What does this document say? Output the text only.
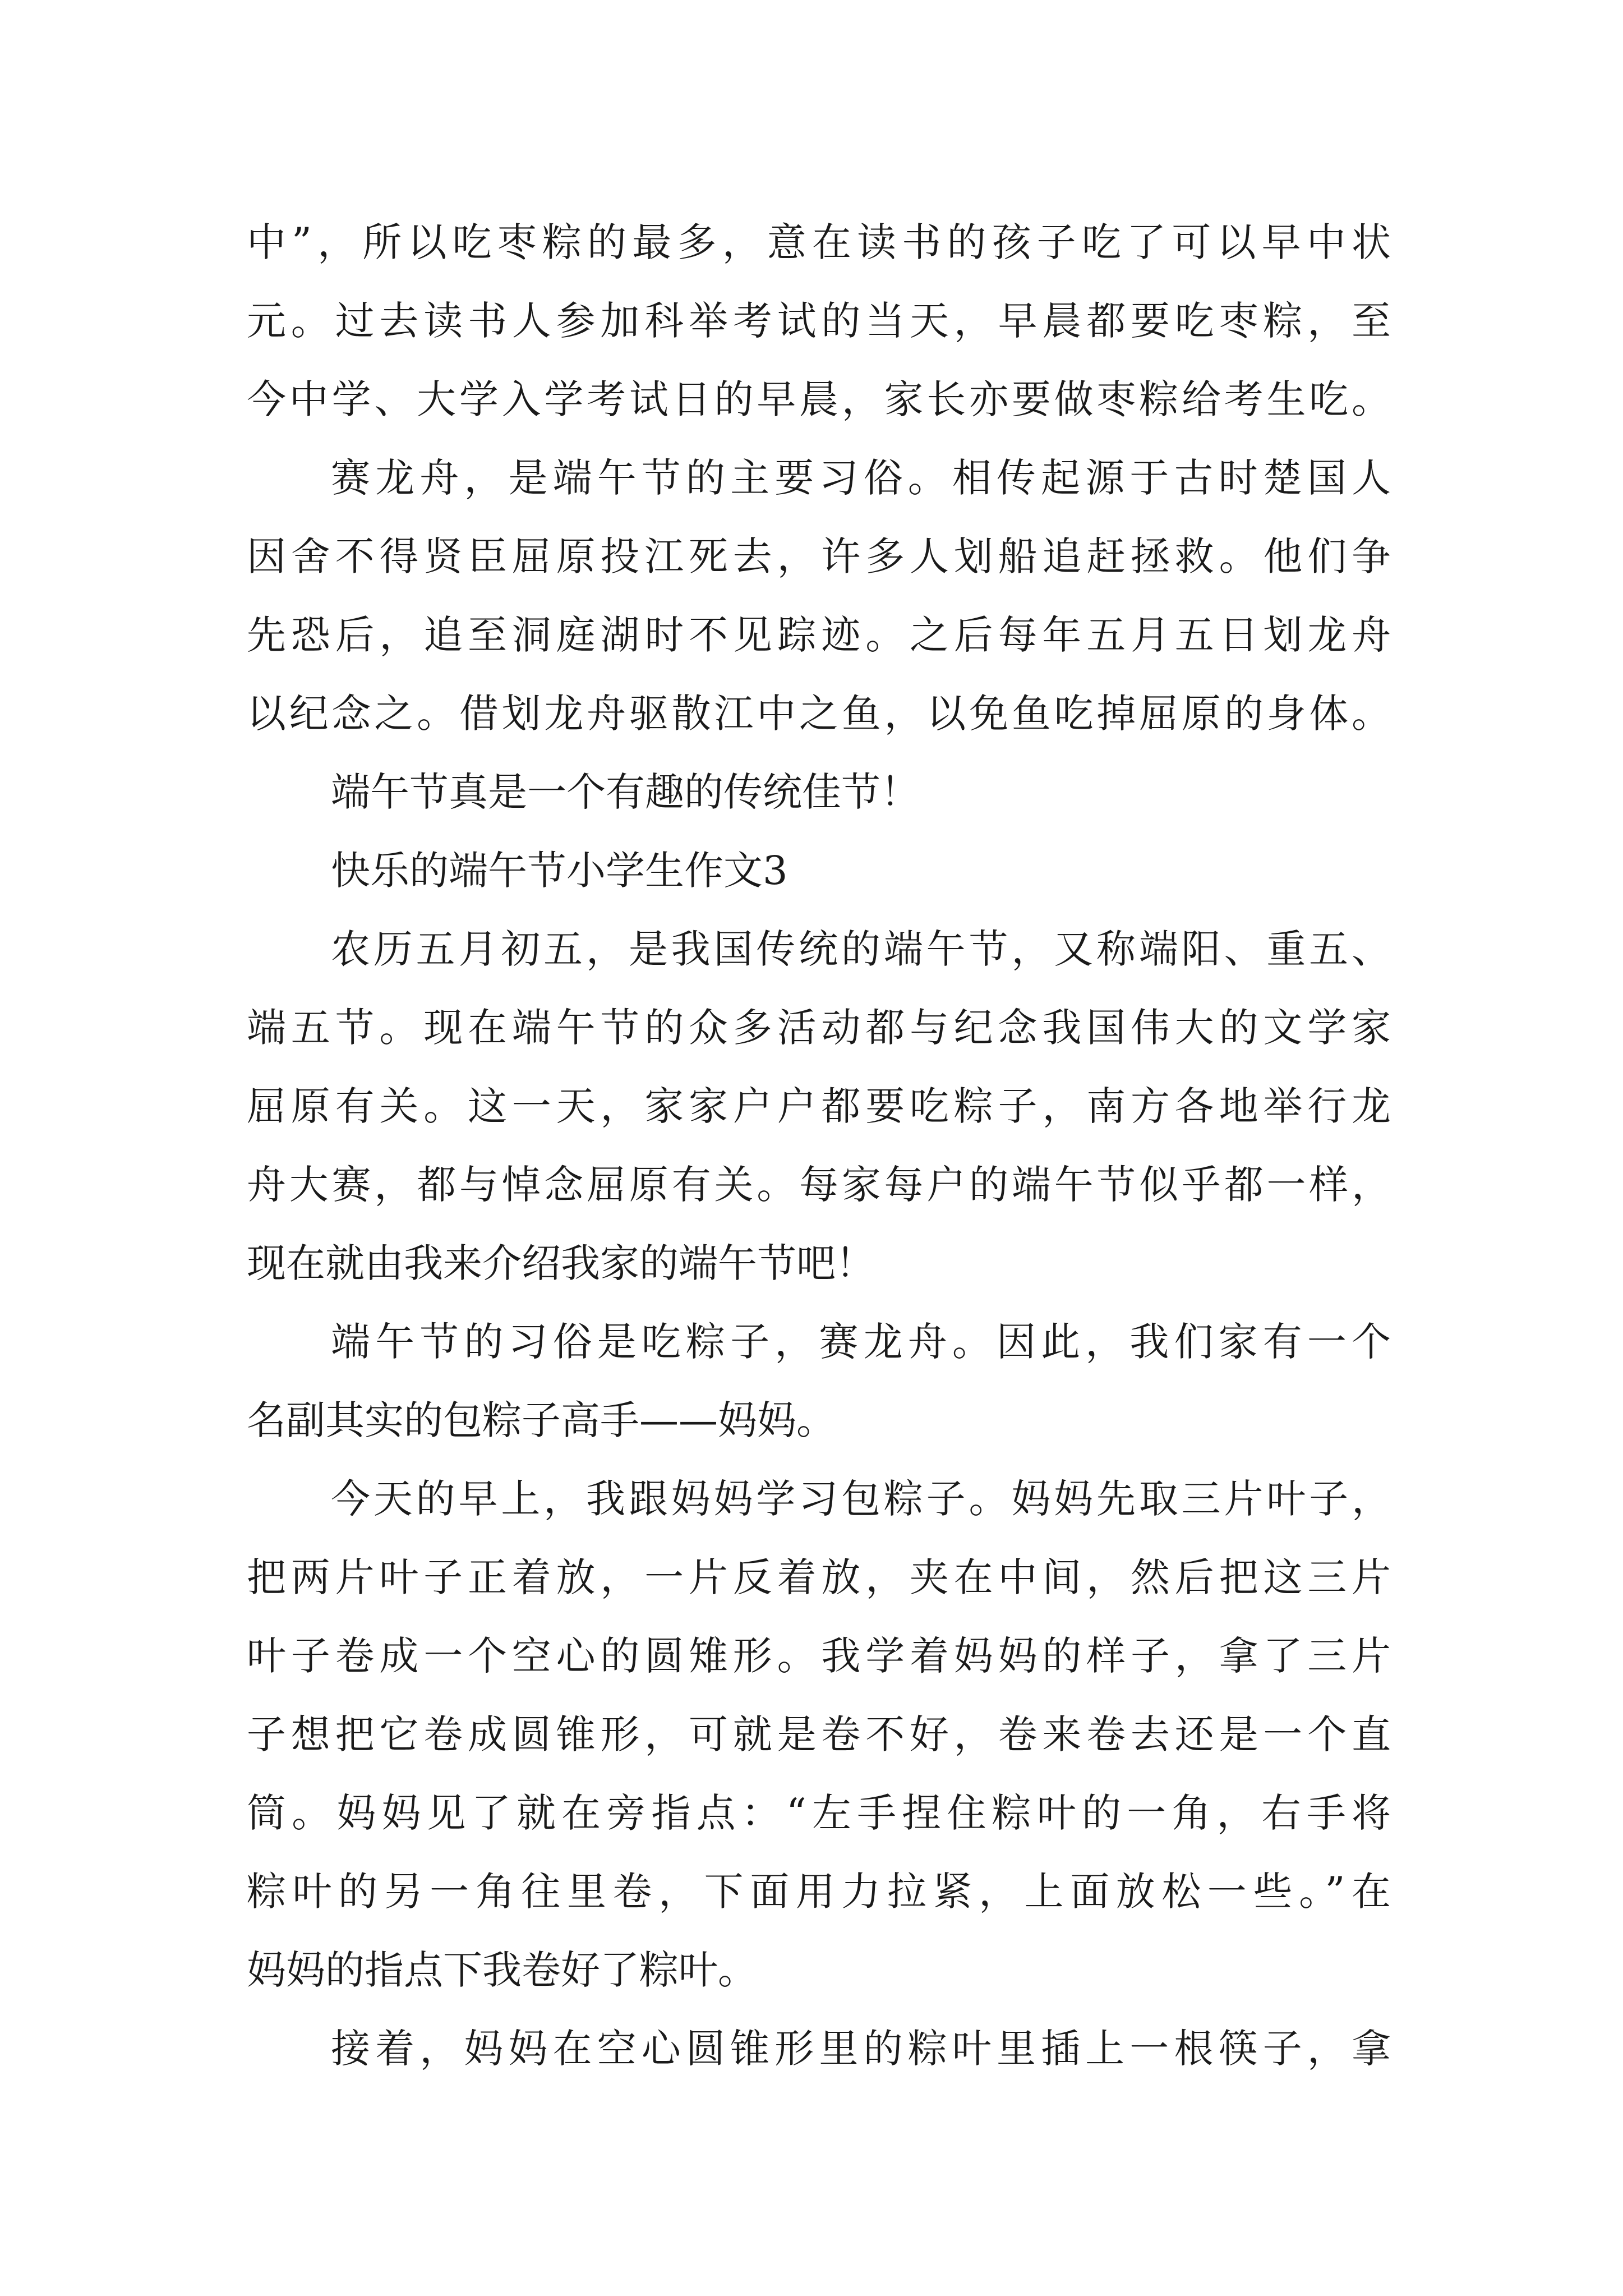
中”，所以吃枣粽的最多，意在读书的孩子吃了可以早中状
元。过去读书人参加科举考试的当天，早晨都要吃枣粽，至
今中学、大学入学考试日的早晨，家长亦要做枣粽给考生吃。
赛龙舟，是端午节的主要习俗。相传起源于古时楚国人
因舍不得贤臣屈原投江死去，许多人划船追赶拯救。他们争
先恐后，追至洞庭湖时不见踪迹。之后每年五月五日划龙舟
以纪念之。借划龙舟驱散江中之鱼，以免鱼吃掉屈原的身体。
端午节真是一个有趣的传统佳节！
快乐的端午节小学生作文3
农历五月初五，是我国传统的端午节，又称端阳、重五、
端五节。现在端午节的众多活动都与纪念我国伟大的文学家
屈原有关。这一天，家家户户都要吃粽子，南方各地举行龙
舟大赛，都与悼念屈原有关。每家每户的端午节似乎都一样，
现在就由我来介绍我家的端午节吧！
端午节的习俗是吃粽子，赛龙舟。因此，我们家有一个
名副其实的包粽子高手——妈妈。
今天的早上，我跟妈妈学习包粽子。妈妈先取三片叶子，
把两片叶子正着放，一片反着放，夹在中间，然后把这三片
叶子卷成一个空心的圆雉形。我学着妈妈的样子，拿了三片
子想把它卷成圆锥形，可就是卷不好，卷来卷去还是一个直
筒。妈妈见了就在旁指点：“左手捏住粽叶的一角，右手将
粽叶的另一角往里卷，下面用力拉紧，上面放松一些。”在
妈妈的指点下我卷好了粽叶。
接着，妈妈在空心圆锥形里的粽叶里插上一根筷子，拿
